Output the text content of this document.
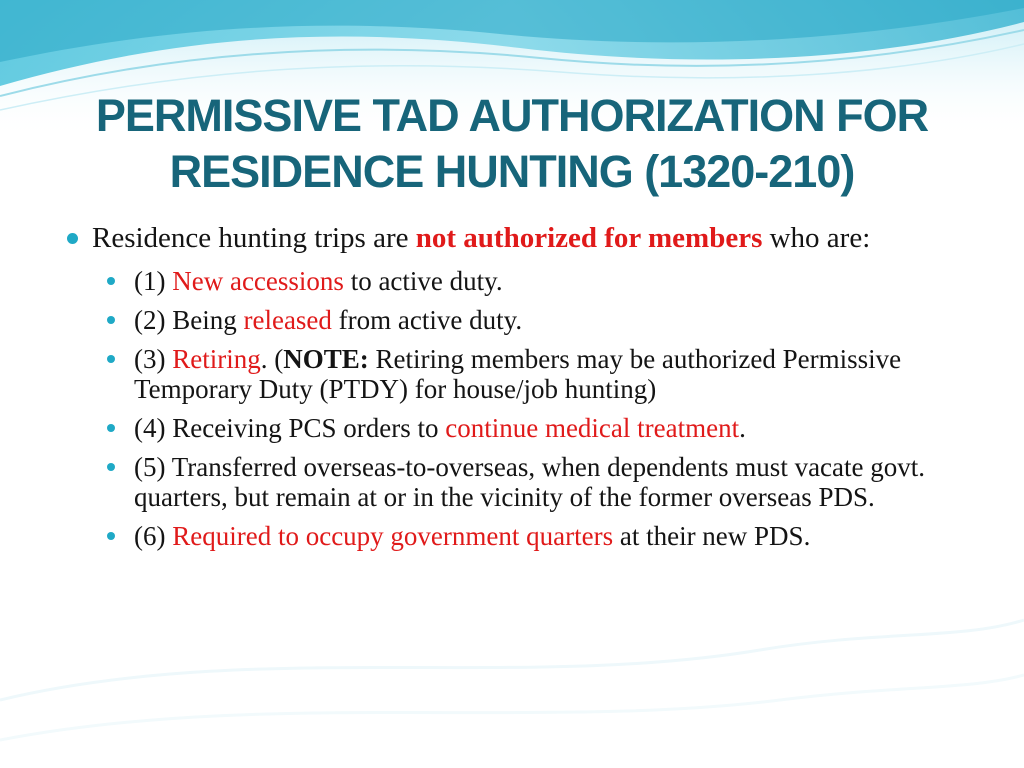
PERMISSIVE TAD AUTHORIZATION FOR
RESIDENCE HUNTING (1320-210)
Residence hunting trips are not authorized for members who are:
(1) New accessions to active duty.
(2) Being released from active duty.
(3) Retiring. (NOTE: Retiring members may be authorized Permissive Temporary Duty (PTDY) for house/job hunting)
(4) Receiving PCS orders to continue medical treatment.
(5) Transferred overseas-to-overseas, when dependents must vacate govt. quarters, but remain at or in the vicinity of the former overseas PDS.
(6) Required to occupy government quarters at their new PDS.
